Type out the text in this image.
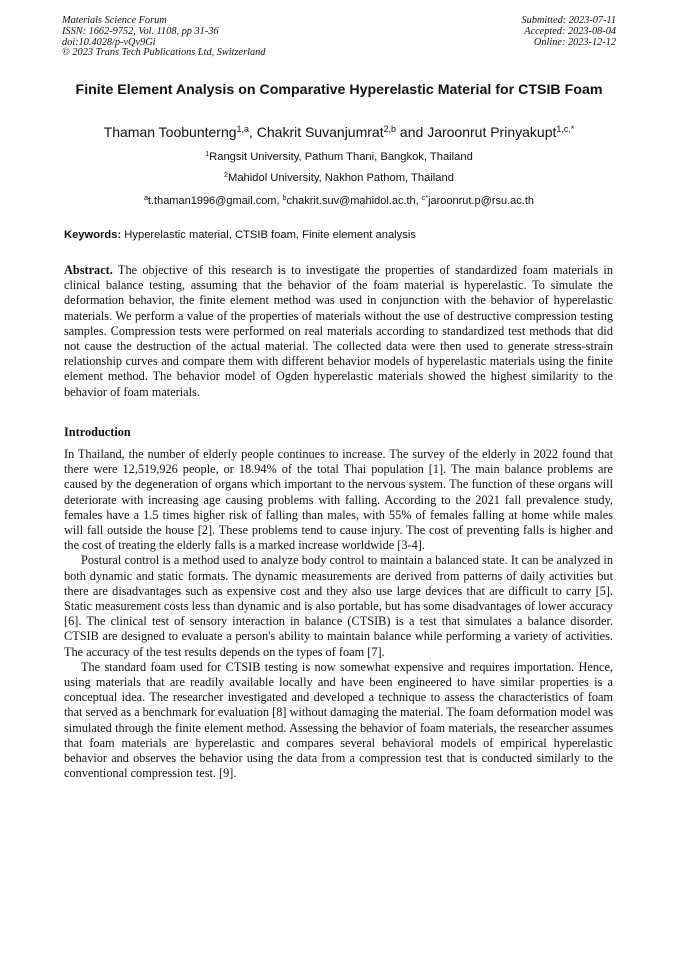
Materials Science Forum
ISSN: 1662-9752, Vol. 1108, pp 31-36
doi:10.4028/p-vQv9Gi
© 2023 Trans Tech Publications Ltd, Switzerland
Submitted: 2023-07-11
Accepted: 2023-08-04
Online: 2023-12-12
Finite Element Analysis on Comparative Hyperelastic Material for CTSIB Foam
Thaman Toobunterng$^{1,a}$, Chakrit Suvanjumrat$^{2,b}$ and Jaroonrut Prinyakupt$^{1,c,*}$
$^1$Rangsit University, Pathum Thani, Bangkok, Thailand
$^2$Mahidol University, Nakhon Pathom, Thailand
$^a$t.thaman1996@gmail.com, $^b$chakrit.suv@mahidol.ac.th, $^{c*}$jaroonrut.p@rsu.ac.th
Keywords: Hyperelastic material, CTSIB foam, Finite element analysis

Abstract. The objective of this research is to investigate the properties of standardized foam materials in clinical balance testing, assuming that the behavior of the foam material is hyperelastic. To simulate the deformation behavior, the finite element method was used in conjunction with the behavior of hyperelastic materials. We perform a value of the properties of materials without the use of destructive compression testing samples. Compression tests were performed on real materials according to standardized test methods that did not cause the destruction of the actual material. The collected data were then used to generate stress-strain relationship curves and compare them with different behavior models of hyperelastic materials using the finite element method. The behavior model of Ogden hyperelastic materials showed the highest similarity to the behavior of foam materials.

Introduction

In Thailand, the number of elderly people continues to increase. The survey of the elderly in 2022 found that there were 12,519,926 people, or 18.94% of the total Thai population [1]. The main balance problems are caused by the degeneration of organs which important to the nervous system. The function of these organs will deteriorate with increasing age causing problems with falling. According to the 2021 fall prevalence study, females have a 1.5 times higher risk of falling than males, with 55% of females falling at home while males will fall outside the house [2]. These problems tend to cause injury. The cost of preventing falls is higher and the cost of treating the elderly falls is a marked increase worldwide [3-4].

Postural control is a method used to analyze body control to maintain a balanced state. It can be analyzed in both dynamic and static formats. The dynamic measurements are derived from patterns of daily activities but there are disadvantages such as expensive cost and they also use large devices that are difficult to carry [5]. Static measurement costs less than dynamic and is also portable, but has some disadvantages of lower accuracy [6]. The clinical test of sensory interaction in balance (CTSIB) is a test that simulates a balance disorder. CTSIB are designed to evaluate a person's ability to maintain balance while performing a variety of activities. The accuracy of the test results depends on the types of foam [7].

The standard foam used for CTSIB testing is now somewhat expensive and requires importation. Hence, using materials that are readily available locally and have been engineered to have similar properties is a conceptual idea. The researcher investigated and developed a technique to assess the characteristics of foam that served as a benchmark for evaluation [8] without damaging the material. The foam deformation model was simulated through the finite element method. Assessing the behavior of foam materials, the researcher assumes that foam materials are hyperelastic and compares several behavioral models of empirical hyperelastic behavior and observes the behavior using the data from a compression test that is conducted similarly to the conventional compression test. [9].
